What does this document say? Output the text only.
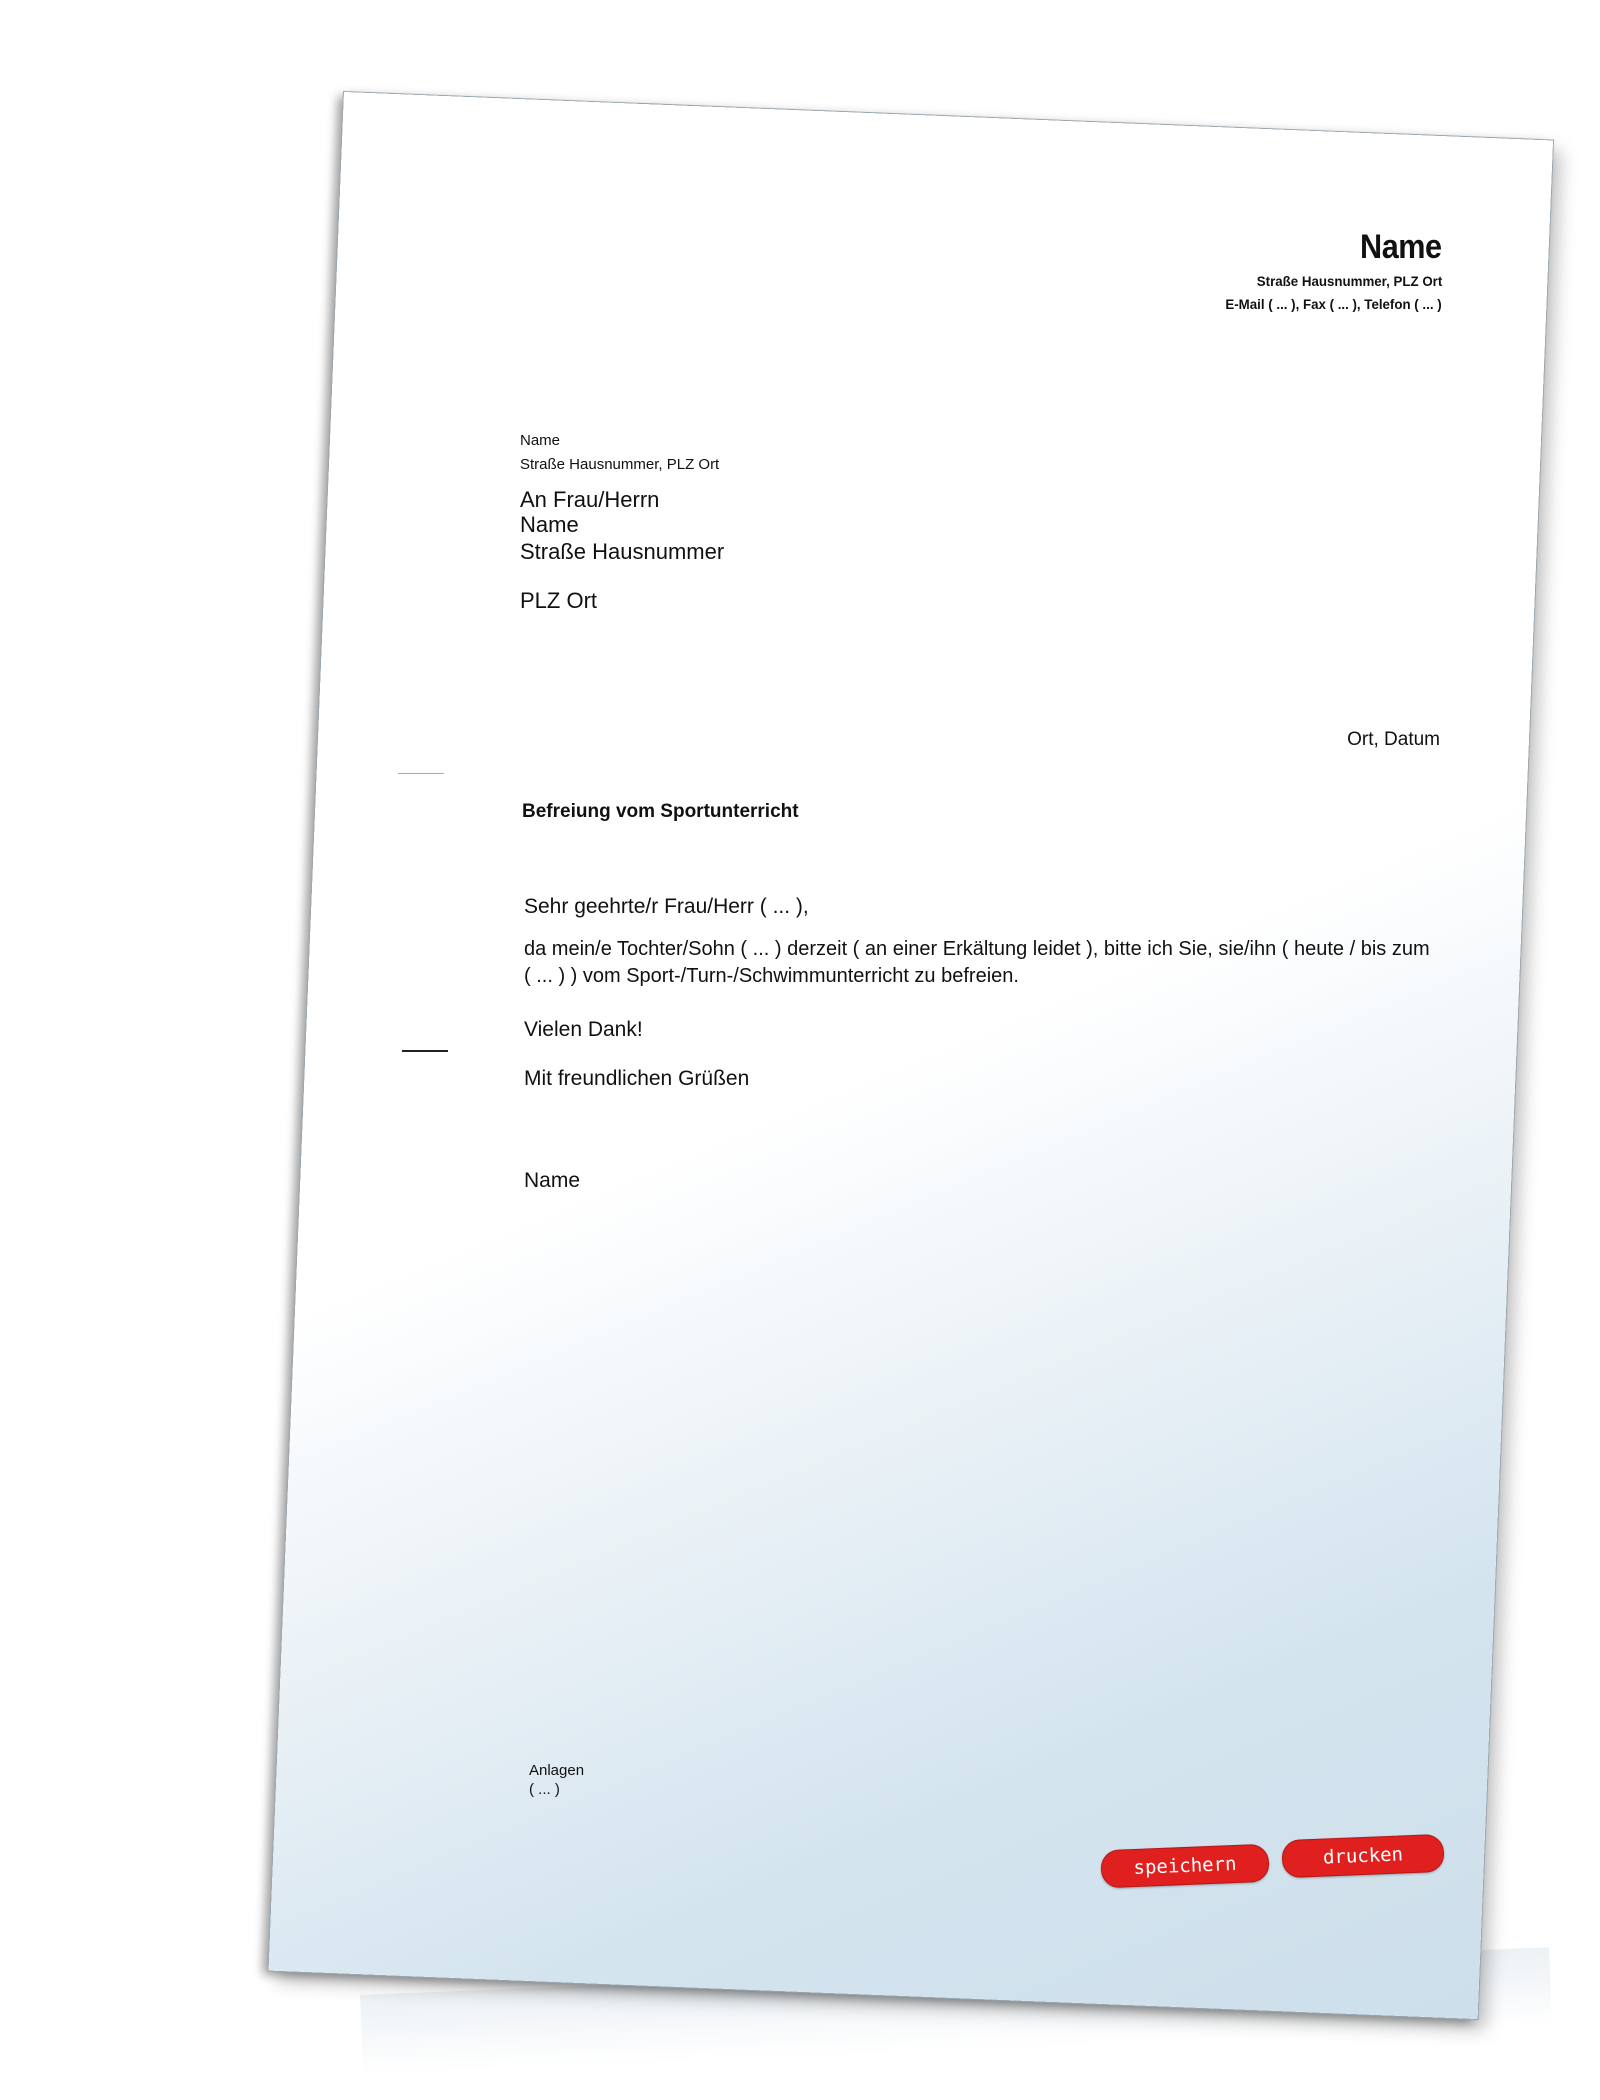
Name
Straße Hausnummer, PLZ Ort
E-Mail ( ... ), Fax ( ... ), Telefon ( ... )
Name
Straße Hausnummer, PLZ Ort
An Frau/Herrn
Name
Straße Hausnummer
PLZ Ort
Ort, Datum
Befreiung vom Sportunterricht
Sehr geehrte/r Frau/Herr ( ... ),
da mein/e Tochter/Sohn ( ... ) derzeit ( an einer Erkältung leidet ), bitte ich Sie, sie/ihn ( heute / bis zum
( ... ) ) vom Sport-/Turn-/Schwimmunterricht zu befreien.
Vielen Dank!
Mit freundlichen Grüßen
Name
Anlagen
( ... )
speichern	drucken
